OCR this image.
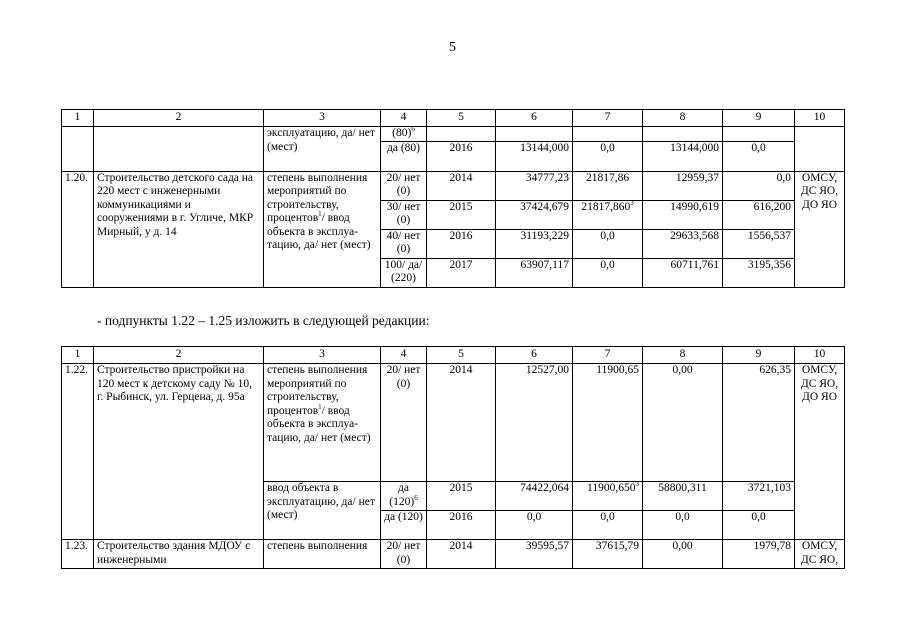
5
1	2	3	4	5	6	7	8	9	10
		эксплуатацию, да/ нет (мест)	$(80)^6$						
			да (80)	2016	13144,000	0,0	13144,000	0,0	
1.20.	Строительство детского сада на 220 мест с инженерными коммуникациями и сооружениями в г. Угличе, МКР Мирный, у д. 14	степень выполнения мероприятий по строительству, процентов$^1$/ ввод объекта в эксплуа-тацию, да/ нет (мест)	20/ нет (0)	2014	34777,23	21817,86	12959,37	0,0	ОМСУ, ДС ЯО, ДО ЯО
			30/ нет (0)	2015	37424,679	21817,860$^3$	14990,619	616,200	
			40/ нет (0)	2016	31193,229	0,0	29633,568	1556,537	
			100/ да/ (220)	2017	63907,117	0,0	60711,761	3195,356	
- подпункты 1.22 – 1.25 изложить в следующей редакции:
1	2	3	4	5	6	7	8	9	10
1.22.	Строительство пристройки на 120 мест к детскому саду № 10, г. Рыбинск, ул. Герцена, д. 95а	степень выполнения мероприятий по строительству, процентов$^1$/ ввод объекта в эксплуа-тацию, да/ нет (мест)	20/ нет (0)	2014	12527,00	11900,65	0,00	626,35	ОМСУ, ДС ЯО, ДО ЯО
		ввод объекта в эксплуатацию, да/ нет (мест)	да $(120)^6$	2015	74422,064	11900,650$^3$	58800,311	3721,103	
			да (120)	2016	0,0	0,0	0,0	0,0	
1.23.	Строительство здания МДОУ с инженерными	степень выполнения	20/ нет (0)	2014	39595,57	37615,79	0,00	1979,78	ОМСУ, ДС ЯО,
